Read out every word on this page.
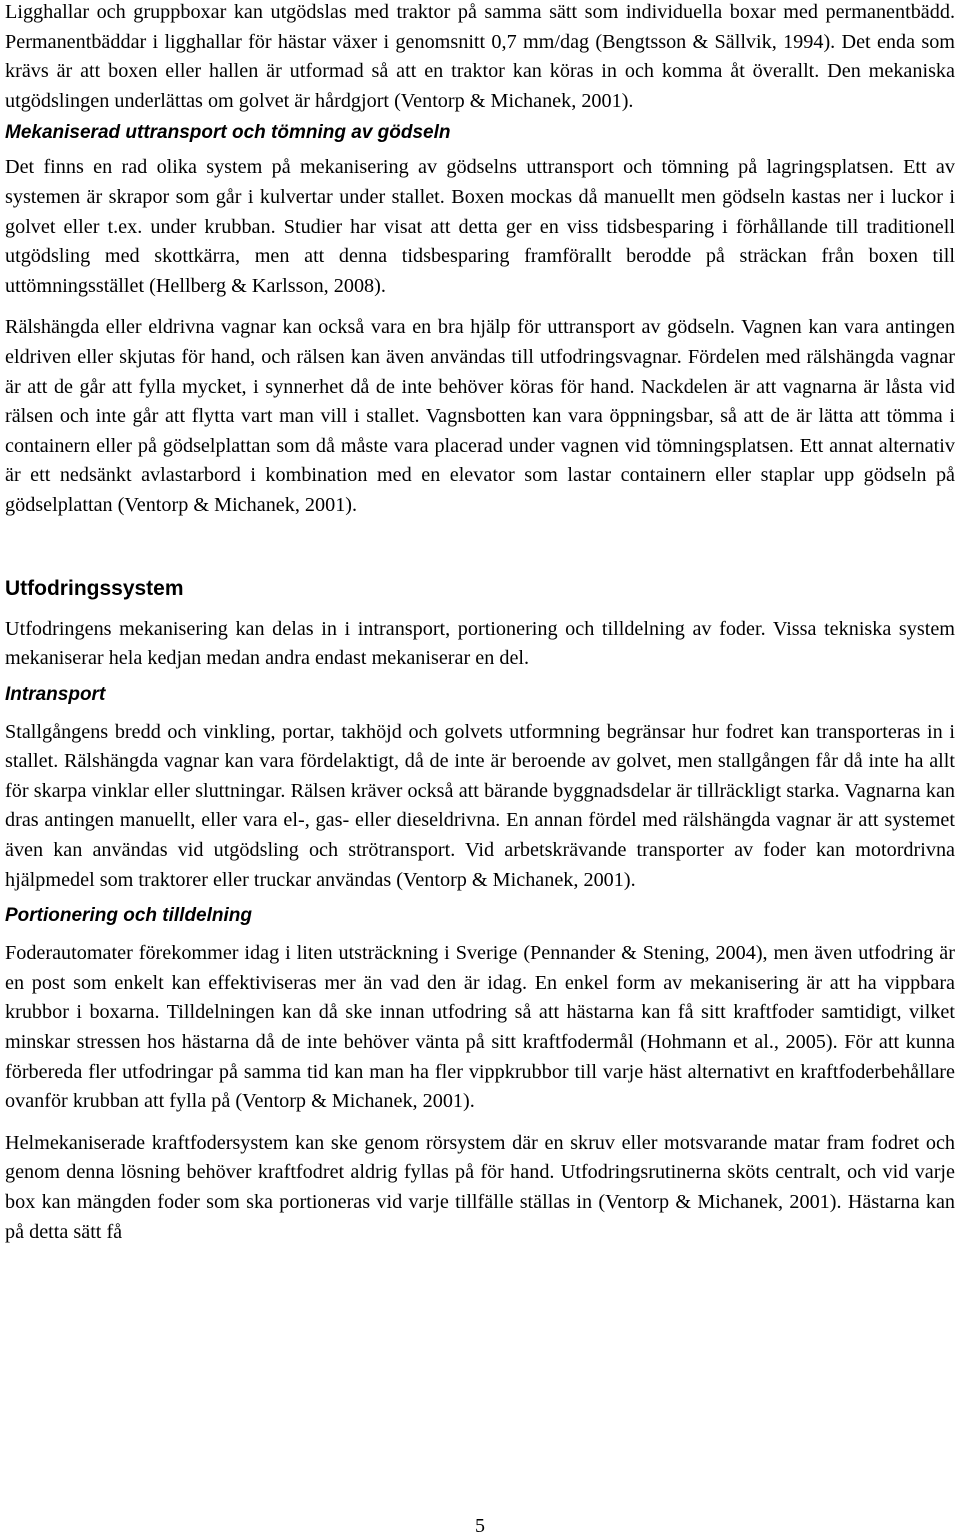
Ligghallar och gruppboxar kan utgödslas med traktor på samma sätt som individuella boxar med permanentbädd. Permanentbäddar i ligghallar för hästar växer i genomsnitt 0,7 mm/dag (Bengtsson & Sällvik, 1994). Det enda som krävs är att boxen eller hallen är utformad så att en traktor kan köras in och komma åt överallt. Den mekaniska utgödslingen underlättas om golvet är hårdgjort (Ventorp & Michanek, 2001).

Mekaniserad uttransport och tömning av gödseln

Det finns en rad olika system på mekanisering av gödselns uttransport och tömning på lagringsplatsen. Ett av systemen är skrapor som går i kulvertar under stallet. Boxen mockas då manuellt men gödseln kastas ner i luckor i golvet eller t.ex. under krubban. Studier har visat att detta ger en viss tidsbesparing i förhållande till traditionell utgödsling med skottkärra, men att denna tidsbesparing framförallt berodde på sträckan från boxen till uttömningsstället (Hellberg & Karlsson, 2008).

Rälshängda eller eldrivna vagnar kan också vara en bra hjälp för uttransport av gödseln. Vagnen kan vara antingen eldriven eller skjutas för hand, och rälsen kan även användas till utfodringsvagnar. Fördelen med rälshängda vagnar är att de går att fylla mycket, i synnerhet då de inte behöver köras för hand. Nackdelen är att vagnarna är låsta vid rälsen och inte går att flytta vart man vill i stallet. Vagnsbotten kan vara öppningsbar, så att de är lätta att tömma i containern eller på gödselplattan som då måste vara placerad under vagnen vid tömningsplatsen. Ett annat alternativ är ett nedsänkt avlastarbord i kombination med en elevator som lastar containern eller staplar upp gödseln på gödselplattan (Ventorp & Michanek, 2001).

Utfodringssystem

Utfodringens mekanisering kan delas in i intransport, portionering och tilldelning av foder. Vissa tekniska system mekaniserar hela kedjan medan andra endast mekaniserar en del.

Intransport

Stallgångens bredd och vinkling, portar, takhöjd och golvets utformning begränsar hur fodret kan transporteras in i stallet. Rälshängda vagnar kan vara fördelaktigt, då de inte är beroende av golvet, men stallgången får då inte ha allt för skarpa vinklar eller sluttningar. Rälsen kräver också att bärande byggnadsdelar är tillräckligt starka. Vagnarna kan dras antingen manuellt, eller vara el-, gas- eller dieseldrivna. En annan fördel med rälshängda vagnar är att systemet även kan användas vid utgödsling och strötransport. Vid arbetskrävande transporter av foder kan motordrivna hjälpmedel som traktorer eller truckar användas (Ventorp & Michanek, 2001).

Portionering och tilldelning

Foderautomater förekommer idag i liten utsträckning i Sverige (Pennander & Stening, 2004), men även utfodring är en post som enkelt kan effektiviseras mer än vad den är idag. En enkel form av mekanisering är att ha vippbara krubbor i boxarna. Tilldelningen kan då ske innan utfodring så att hästarna kan få sitt kraftfoder samtidigt, vilket minskar stressen hos hästarna då de inte behöver vänta på sitt kraftfodermål (Hohmann et al., 2005). För att kunna förbereda fler utfodringar på samma tid kan man ha fler vippkrubbor till varje häst alternativt en kraftfoderbehållare ovanför krubban att fylla på (Ventorp & Michanek, 2001).

Helmekaniserade kraftfodersystem kan ske genom rörsystem där en skruv eller motsvarande matar fram fodret och genom denna lösning behöver kraftfodret aldrig fyllas på för hand. Utfodringsrutinerna sköts centralt, och vid varje box kan mängden foder som ska portioneras vid varje tillfälle ställas in (Ventorp & Michanek, 2001). Hästarna kan på detta sätt få

5
